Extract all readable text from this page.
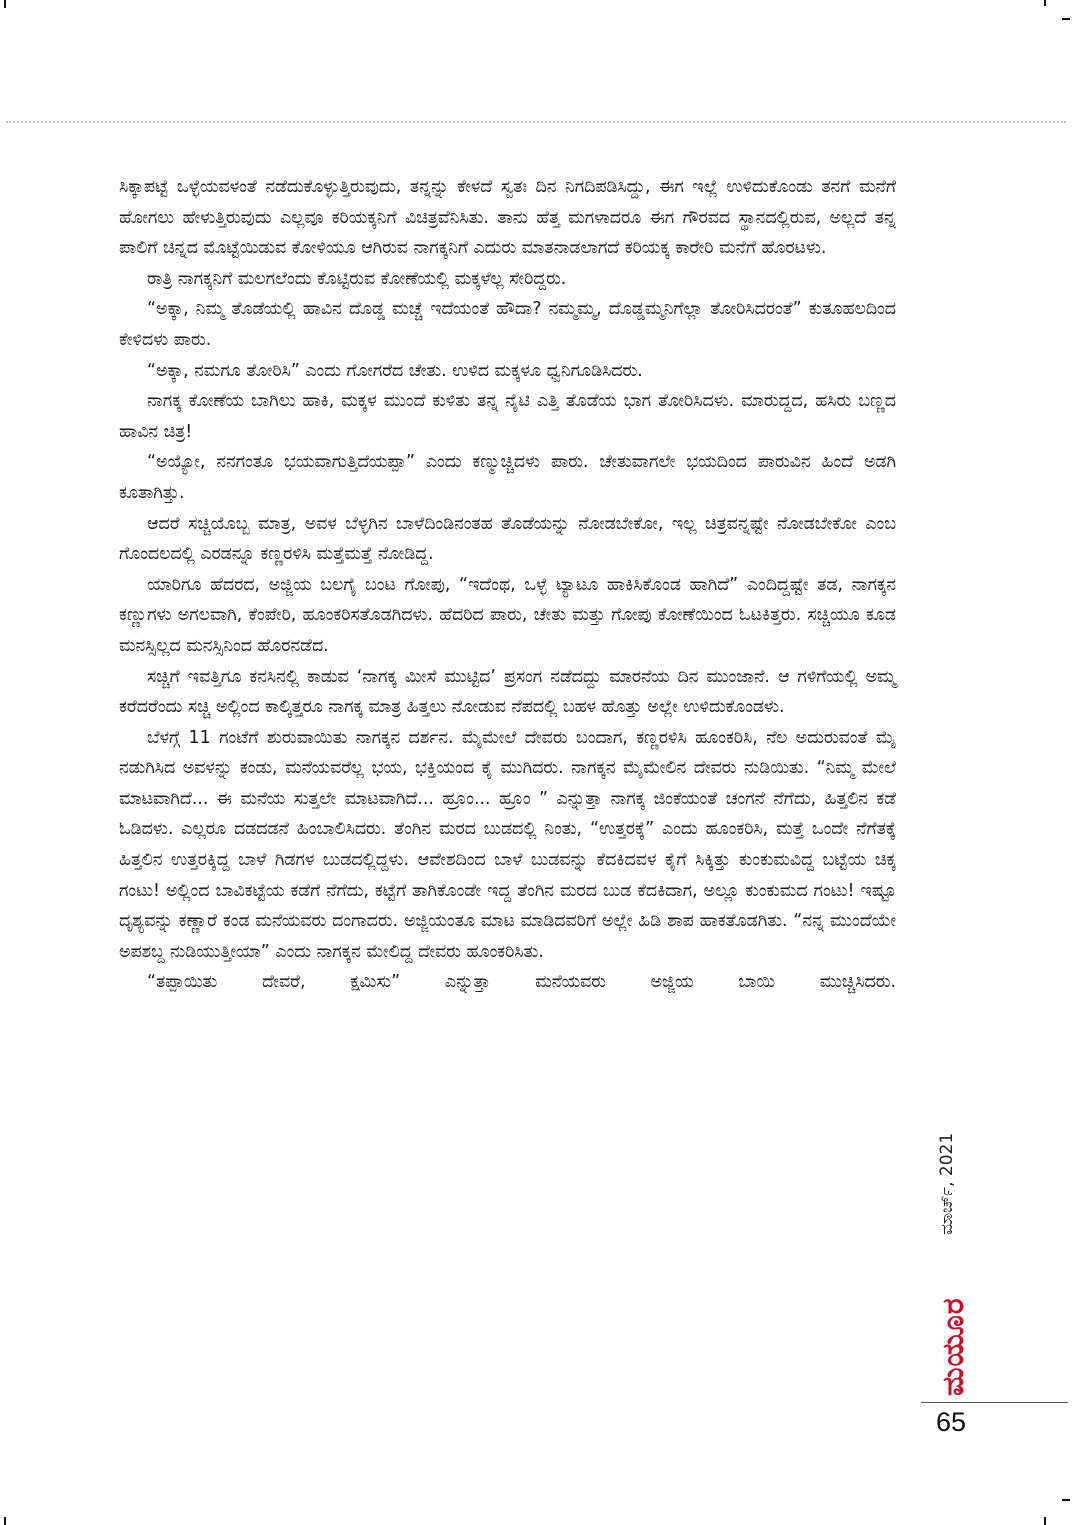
ಸಿಕ್ಕಾಪಟ್ಟೆ ಒಳ್ಳೆಯವಳಂತೆ ನಡೆದುಕೊಳ್ಳುತ್ತಿರುವುದು, ತನ್ನನ್ನು ಕೇಳದೆ ಸ್ವತಃ ದಿನ ನಿಗದಿಪಡಿಸಿದ್ದು, ಈಗ ಇಲ್ಲೆ ಉಳಿದುಕೊಂಡು ತನಗೆ ಮನೆಗೆ ಹೋಗಲು ಹೇಳುತ್ತಿರುವುದು ಎಲ್ಲವೂ ಕರಿಯಕ್ಕನಿಗೆ ವಿಚಿತ್ರವೆನಿಸಿತು. ತಾನು ಹೆತ್ತ ಮಗಳಾದರೂ ಈಗ ಗೌರವದ ಸ್ಥಾನದಲ್ಲಿರುವ, ಅಲ್ಲದೆ ತನ್ನ ಪಾಲಿಗೆ ಚಿನ್ನದ ಮೊಟ್ಟೆಯಿಡುವ ಕೋಳಿಯೂ ಆಗಿರುವ ನಾಗಕ್ಕನಿಗೆ ಎದುರು ಮಾತನಾಡಲಾಗದೆ ಕರಿಯಕ್ಕ ಕಾರೇರಿ ಮನೆಗೆ ಹೊರಟಳು.

ರಾತ್ರಿ ನಾಗಕ್ಕನಿಗೆ ಮಲಗಲೆಂದು ಕೊಟ್ಟಿರುವ ಕೋಣೆಯಲ್ಲಿ ಮಕ್ಕಳೆಲ್ಲ ಸೇರಿದ್ದರು.

“ಅಕ್ಕಾ, ನಿಮ್ಮ ತೊಡೆಯಲ್ಲಿ ಹಾವಿನ ದೊಡ್ಡ ಮಚ್ಚೆ ಇದೆಯಂತೆ ಹೌದಾ? ನಮ್ಮಮ್ಮ, ದೊಡ್ಡಮ್ಮನಿಗೆಲ್ಲಾ ತೋರಿಸಿದರಂತೆ” ಕುತೂಹಲದಿಂದ ಕೇಳಿದಳು ಪಾರು.

“ಅಕ್ಕಾ, ನಮಗೂ ತೋರಿಸಿ” ಎಂದು ಗೋಗರೆದ ಚೇತು. ಉಳಿದ ಮಕ್ಕಳೂ ಧ್ವನಿಗೂಡಿಸಿದರು.

ನಾಗಕ್ಕ ಕೋಣೆಯ ಬಾಗಿಲು ಹಾಕಿ, ಮಕ್ಕಳ ಮುಂದೆ ಕುಳಿತು ತನ್ನ ನೈಟಿ ಎತ್ತಿ ತೊಡೆಯ ಭಾಗ ತೋರಿಸಿದಳು. ಮಾರುದ್ದದ, ಹಸಿರು ಬಣ್ಣದ ಹಾವಿನ ಚಿತ್ರ!

“ಅಯ್ಯೋ, ನನಗಂತೂ ಭಯವಾಗುತ್ತಿದೆಯಪ್ಪಾ” ಎಂದು ಕಣ್ಮುಚ್ಚಿದಳು ಪಾರು. ಚೇತುವಾಗಲೇ ಭಯದಿಂದ ಪಾರುವಿನ ಹಿಂದೆ ಅಡಗಿ ಕೂತಾಗಿತ್ತು.

ಆದರೆ ಸಚ್ಚಿಯೊಬ್ಬ ಮಾತ್ರ, ಅವಳ ಬೆಳ್ಳಗಿನ ಬಾಳೆದಿಂಡಿನಂತಹ ತೊಡೆಯನ್ನು ನೋಡಬೇಕೋ, ಇಲ್ಲ ಚಿತ್ರವನ್ನಷ್ಟೇ ನೋಡಬೇಕೋ ಎಂಬ ಗೊಂದಲದಲ್ಲಿ ಎರಡನ್ನೂ ಕಣ್ಣರಳಿಸಿ ಮತ್ತೆಮತ್ತೆ ನೋಡಿದ್ದ.

ಯಾರಿಗೂ ಹೆದರದ, ಅಜ್ಜಿಯ ಬಲಗೈ ಬಂಟ ಗೋಪು, “ಇದೆಂಥ, ಒಳ್ಳೆ ಟ್ಯಾಟೂ ಹಾಕಿಸಿಕೊಂಡ ಹಾಗಿದೆ” ಎಂದಿದ್ದಷ್ಟೇ ತಡ, ನಾಗಕ್ಕನ ಕಣ್ಣುಗಳು ಅಗಲವಾಗಿ, ಕೆಂಪೇರಿ, ಹೂಂಕರಿಸತೊಡಗಿದಳು. ಹೆದರಿದ ಪಾರು, ಚೇತು ಮತ್ತು ಗೋಪು ಕೋಣೆಯಿಂದ ಓಟಕಿತ್ತರು. ಸಚ್ಚಿಯೂ ಕೂಡ ಮನಸ್ಸಿಲ್ಲದ ಮನಸ್ಸಿನಿಂದ ಹೊರನಡೆದ.

ಸಚ್ಚಿಗೆ ಇವತ್ತಿಗೂ ಕನಸಿನಲ್ಲಿ ಕಾಡುವ ‘ನಾಗಕ್ಕ ಮೀಸೆ ಮುಟ್ಟಿದ’ ಪ್ರಸಂಗ ನಡೆದದ್ದು ಮಾರನೆಯ ದಿನ ಮುಂಜಾನೆ. ಆ ಗಳಿಗೆಯಲ್ಲಿ ಅಮ್ಮ ಕರೆದರೆಂದು ಸಚ್ಚಿ ಅಲ್ಲಿಂದ ಕಾಲ್ಕಿತ್ತರೂ ನಾಗಕ್ಕ ಮಾತ್ರ ಹಿತ್ತಲು ನೋಡುವ ನೆಪದಲ್ಲಿ ಬಹಳ ಹೊತ್ತು ಅಲ್ಲೇ ಉಳಿದುಕೊಂಡಳು.

ಬೆಳಗ್ಗೆ 11 ಗಂಟೆಗೆ ಶುರುವಾಯಿತು ನಾಗಕ್ಕನ ದರ್ಶನ. ಮೈಮೇಲೆ ದೇವರು ಬಂದಾಗ, ಕಣ್ಣರಳಿಸಿ ಹೂಂಕರಿಸಿ, ನೆಲ ಅದುರುವಂತೆ ಮೈ ನಡುಗಿಸಿದ ಅವಳನ್ನು ಕಂಡು, ಮನೆಯವರೆಲ್ಲ ಭಯ, ಭಕ್ತಿಯಂದ ಕೈ ಮುಗಿದರು. ನಾಗಕ್ಕನ ಮೈಮೇಲಿನ ದೇವರು ನುಡಿಯಿತು. “ನಿಮ್ಮ ಮೇಲೆ ಮಾಟವಾಗಿದೆ... ಈ ಮನೆಯ ಸುತ್ತಲೇ ಮಾಟವಾಗಿದೆ... ಹ್ರೂಂ... ಹ್ರೂಂ ” ಎನ್ನುತ್ತಾ ನಾಗಕ್ಕ ಜಿಂಕೆಯಂತೆ ಚಂಗನೆ ನೆಗೆದು, ಹಿತ್ತಲಿನ ಕಡೆ ಓಡಿದಳು. ಎಲ್ಲರೂ ದಡದಡನೆ ಹಿಂಬಾಲಿಸಿದರು. ತೆಂಗಿನ ಮರದ ಬುಡದಲ್ಲಿ ನಿಂತು, “ಉತ್ತರಕ್ಕೆ” ಎಂದು ಹೂಂಕರಿಸಿ, ಮತ್ತೆ ಒಂದೇ ನೆಗೆತಕ್ಕೆ ಹಿತ್ತಲಿನ ಉತ್ತರಕ್ಕಿದ್ದ ಬಾಳೆ ಗಿಡಗಳ ಬುಡದಲ್ಲಿದ್ದಳು. ಆವೇಶದಿಂದ ಬಾಳೆ ಬುಡವನ್ನು ಕೆದಕಿದವಳ ಕೈಗೆ ಸಿಕ್ಕಿತ್ತು ಕುಂಕುಮವಿದ್ದ ಬಟ್ಟೆಯ ಚಿಕ್ಕ ಗಂಟು! ಅಲ್ಲಿಂದ ಬಾವಿಕಟ್ಟೆಯ ಕಡೆಗೆ ನೆಗೆದು, ಕಟ್ಟೆಗೆ ತಾಗಿಕೊಂಡೇ ಇದ್ದ ತೆಂಗಿನ ಮರದ ಬುಡ ಕೆದಕಿದಾಗ, ಅಲ್ಲೂ ಕುಂಕುಮದ ಗಂಟು! ಇಷ್ಟೂ ದೃಶ್ಯವನ್ನು ಕಣ್ಣಾರೆ ಕಂಡ ಮನೆಯವರು ದಂಗಾದರು. ಅಜ್ಜಿಯಂತೂ ಮಾಟ ಮಾಡಿದವರಿಗೆ ಅಲ್ಲೇ ಹಿಡಿ ಶಾಪ ಹಾಕತೊಡಗಿತು. “ನನ್ನ ಮುಂದೆಯೇ ಅಪಶಬ್ದ ನುಡಿಯುತ್ತೀಯಾ” ಎಂದು ನಾಗಕ್ಕನ ಮೇಲಿದ್ದ ದೇವರು ಹೂಂಕರಿಸಿತು.

“ತಪ್ಪಾಯಿತು ದೇವರೆ, ಕ್ಷಮಿಸು” ಎನ್ನುತ್ತಾ ಮನೆಯವರು ಅಜ್ಜಿಯ ಬಾಯಿ ಮುಚ್ಚಿಸಿದರು.

ಮಾರ್ಚ್, 2021
ಮಯೂರ
65
